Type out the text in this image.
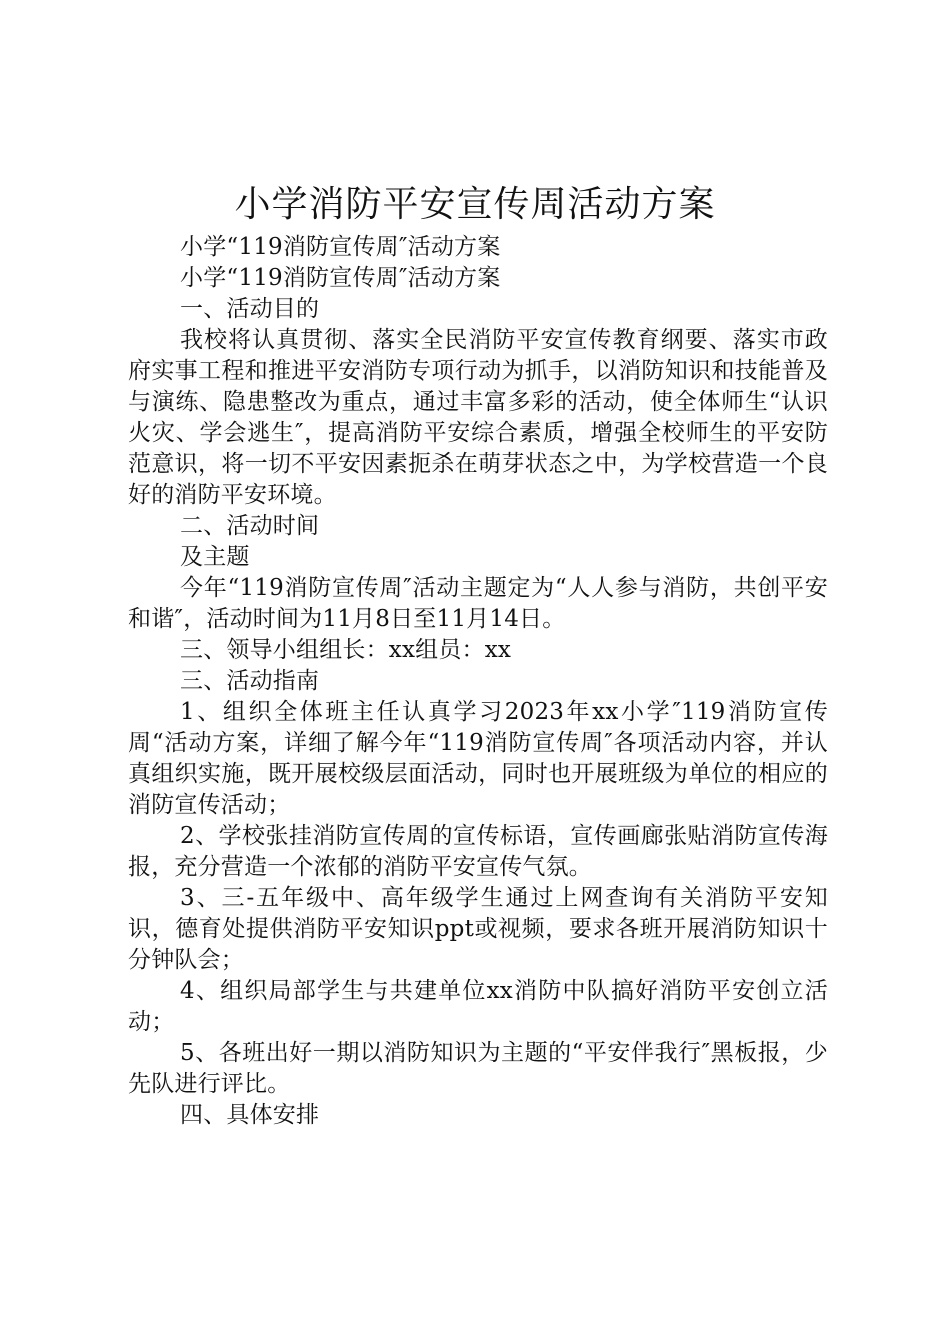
小学消防平安宣传周活动方案

小学“119消防宣传周″活动方案

小学“119消防宣传周″活动方案

一、活动目的

我校将认真贯彻、落实全民消防平安宣传教育纲要、落实市政府实事工程和推进平安消防专项行动为抓手，以消防知识和技能普及与演练、隐患整改为重点，通过丰富多彩的活动，使全体师生“认识火灾、学会逃生″，提高消防平安综合素质，增强全校师生的平安防范意识，将一切不平安因素扼杀在萌芽状态之中，为学校营造一个良好的消防平安环境。

二、活动时间

及主题

今年“119消防宣传周″活动主题定为“人人参与消防，共创平安和谐″，活动时间为11月8日至11月14日。

三、领导小组组长：xx组员：xx

三、活动指南

1、组织全体班主任认真学习2023年xx小学″119消防宣传周“活动方案，详细了解今年“119消防宣传周″各项活动内容，并认真组织实施，既开展校级层面活动，同时也开展班级为单位的相应的消防宣传活动；

2、学校张挂消防宣传周的宣传标语，宣传画廊张贴消防宣传海报，充分营造一个浓郁的消防平安宣传气氛。

3、三-五年级中、高年级学生通过上网查询有关消防平安知识，德育处提供消防平安知识ppt或视频，要求各班开展消防知识十分钟队会；

4、组织局部学生与共建单位xx消防中队搞好消防平安创立活动；

5、各班出好一期以消防知识为主题的“平安伴我行″黑板报，少先队进行评比。

四、具体安排
